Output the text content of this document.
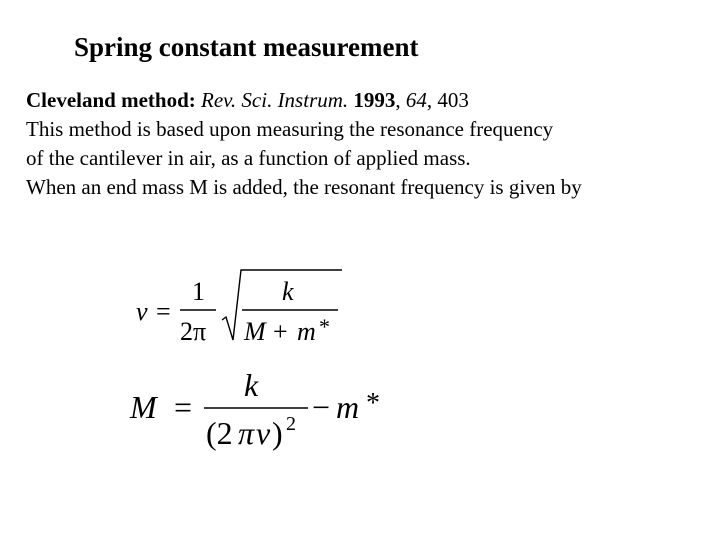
Spring constant measurement
Cleveland method: Rev. Sci. Instrum. 1993, 64, 403
This method is based upon measuring the resonance frequency
of the cantilever in air, as a function of applied mass.
When an end mass M is added, the resonant frequency is given by
v =
1
2π
k
M + m *
M =
k
(2 π v ) 2 − m *
